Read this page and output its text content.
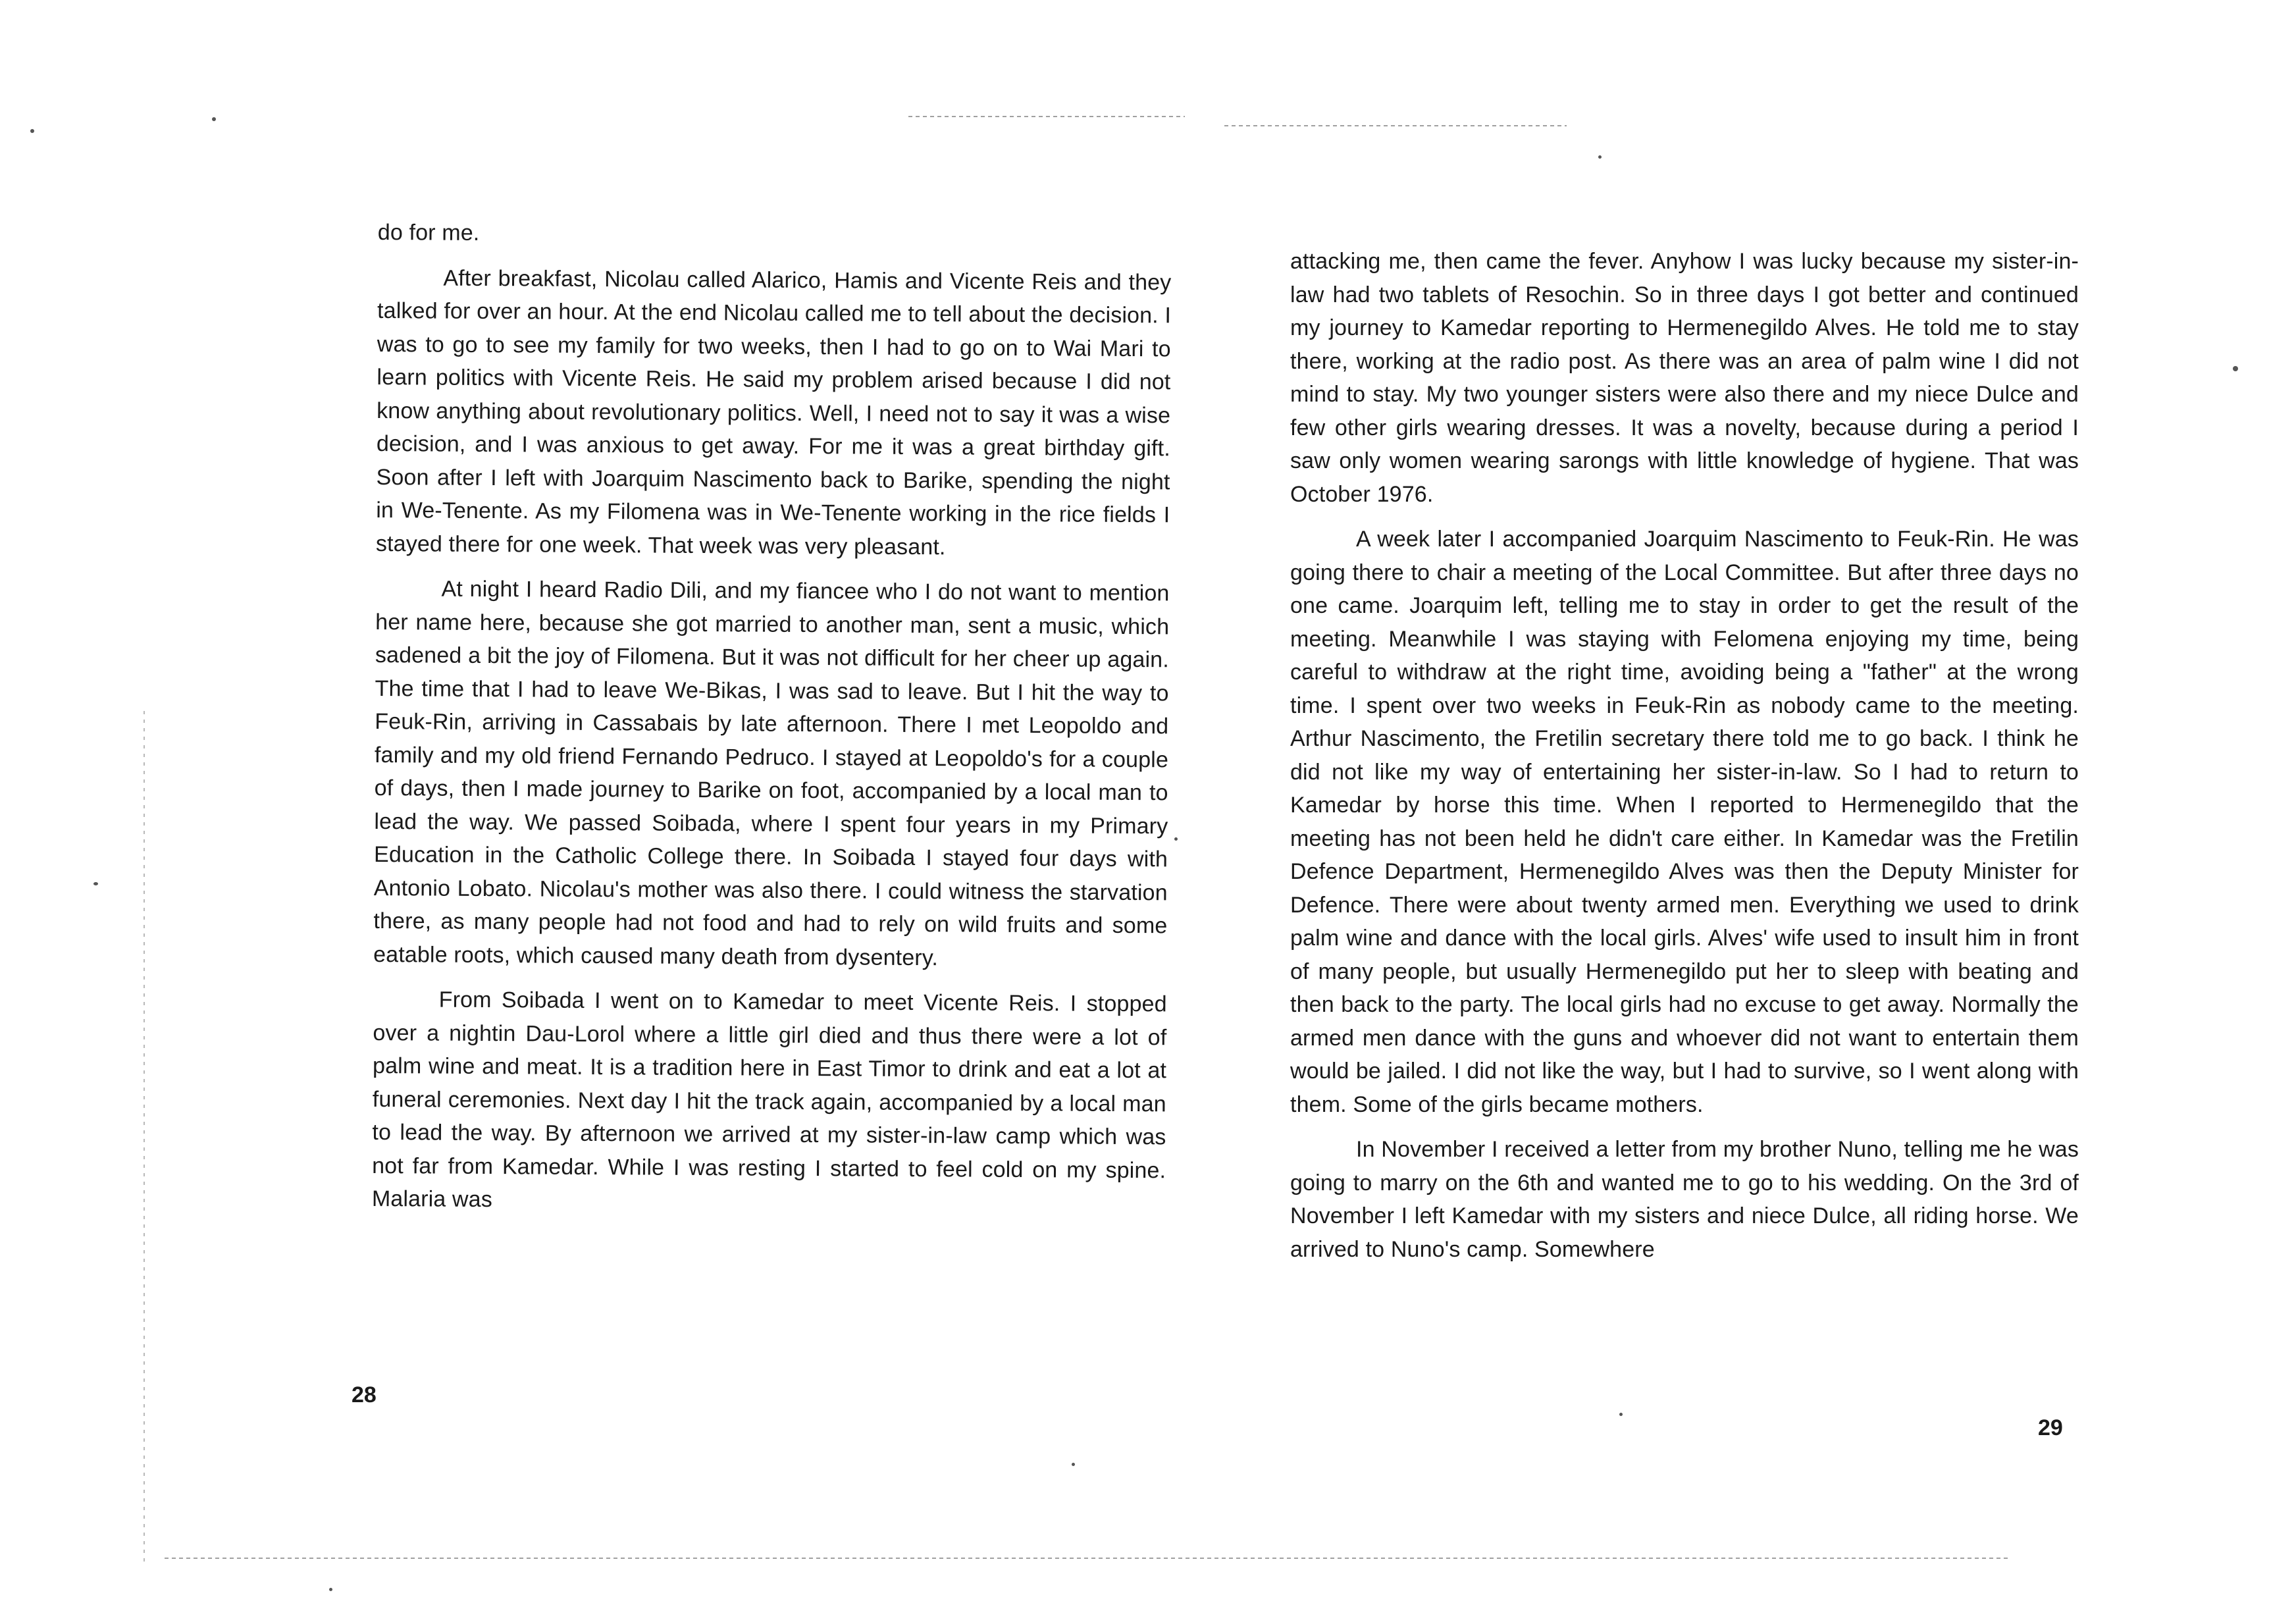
do for me.

After breakfast, Nicolau called Alarico, Hamis and Vicente Reis and they talked for over an hour. At the end Nicolau called me to tell about the decision. I was to go to see my family for two weeks, then I had to go on to Wai Mari to learn politics with Vicente Reis. He said my problem arised because I did not know anything about revolutionary politics. Well, I need not to say it was a wise decision, and I was anxious to get away. For me it was a great birthday gift. Soon after I left with Joarquim Nascimento back to Barike, spending the night in We-Tenente. As my Filomena was in We-Tenente working in the rice fields I stayed there for one week. That week was very pleasant.

At night I heard Radio Dili, and my fiancee who I do not want to mention her name here, because she got married to another man, sent a music, which sadened a bit the joy of Filomena. But it was not difficult for her cheer up again. The time that I had to leave We-Bikas, I was sad to leave. But I hit the way to Feuk-Rin, arriving in Cassabais by late afternoon. There I met Leopoldo and family and my old friend Fernando Pedruco. I stayed at Leopoldo's for a couple of days, then I made journey to Barike on foot, accompanied by a local man to lead the way. We passed Soibada, where I spent four years in my Primary Education in the Catholic College there. In Soibada I stayed four days with Antonio Lobato. Nicolau's mother was also there. I could witness the starvation there, as many people had not food and had to rely on wild fruits and some eatable roots, which caused many death from dysentery.

From Soibada I went on to Kamedar to meet Vicente Reis. I stopped over a nightin Dau-Lorol where a little girl died and thus there were a lot of palm wine and meat. It is a tradition here in East Timor to drink and eat a lot at funeral ceremonies. Next day I hit the track again, accompanied by a local man to lead the way. By afternoon we arrived at my sister-in-law camp which was not far from Kamedar. While I was resting I started to feel cold on my spine. Malaria was

28

attacking me, then came the fever. Anyhow I was lucky because my sister-in-law had two tablets of Resochin. So in three days I got better and continued my journey to Kamedar reporting to Hermenegildo Alves. He told me to stay there, working at the radio post. As there was an area of palm wine I did not mind to stay. My two younger sisters were also there and my niece Dulce and few other girls wearing dresses. It was a novelty, because during a period I saw only women wearing sarongs with little knowledge of hygiene. That was October 1976.

A week later I accompanied Joarquim Nascimento to Feuk-Rin. He was going there to chair a meeting of the Local Committee. But after three days no one came. Joarquim left, telling me to stay in order to get the result of the meeting. Meanwhile I was staying with Felomena enjoying my time, being careful to withdraw at the right time, avoiding being a "father" at the wrong time. I spent over two weeks in Feuk-Rin as nobody came to the meeting. Arthur Nascimento, the Fretilin secretary there told me to go back. I think he did not like my way of entertaining her sister-in-law. So I had to return to Kamedar by horse this time. When I reported to Hermenegildo that the meeting has not been held he didn't care either. In Kamedar was the Fretilin Defence Department, Hermenegildo Alves was then the Deputy Minister for Defence. There were about twenty armed men. Everything we used to drink palm wine and dance with the local girls. Alves' wife used to insult him in front of many people, but usually Hermenegildo put her to sleep with beating and then back to the party. The local girls had no excuse to get away. Normally the armed men dance with the guns and whoever did not want to entertain them would be jailed. I did not like the way, but I had to survive, so I went along with them. Some of the girls became mothers.

In November I received a letter from my brother Nuno, telling me he was going to marry on the 6th and wanted me to go to his wedding. On the 3rd of November I left Kamedar with my sisters and niece Dulce, all riding horse. We arrived to Nuno's camp. Somewhere

29
